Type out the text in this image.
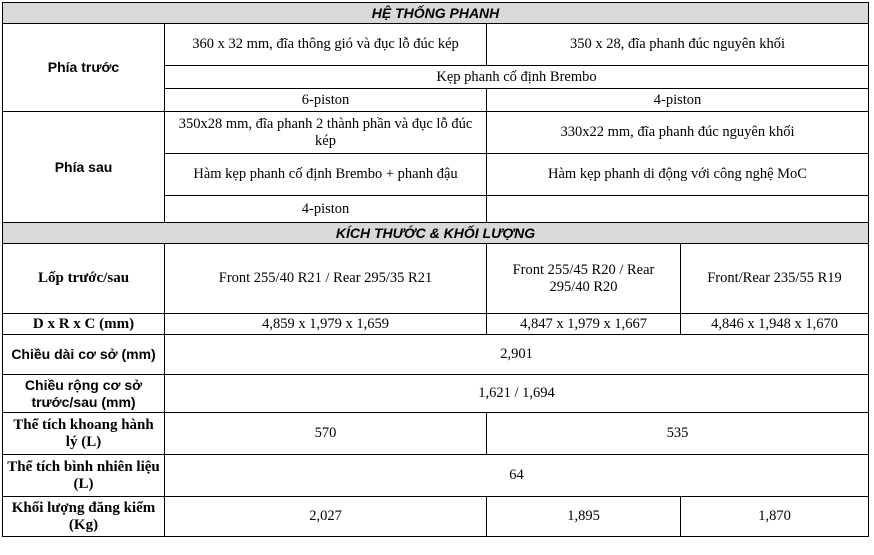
HỆ THỐNG PHANH			
Phía trước	360 x 32 mm, đĩa thông gió và đục lỗ đúc kép	350 x 28, đĩa phanh đúc nguyên khối	
	Kẹp phanh cố định Brembo		
	6-piston	4-piston	
Phía sau	350x28 mm, đĩa phanh 2 thành phần và đục lỗ đúc kép	330x22 mm, đĩa phanh đúc nguyên khối	
	Hàm kẹp phanh cố định Brembo + phanh đậu	Hàm kẹp phanh di động với công nghệ MoC	
	4-piston		
KÍCH THƯỚC & KHỐI LƯỢNG			
Lốp trước/sau	Front 255/40 R21 / Rear 295/35 R21	Front 255/45 R20 / Rear 295/40 R20	Front/Rear 235/55 R19
D x R x C (mm)	4,859 x 1,979 x 1,659	4,847 x 1,979 x 1,667	4,846 x 1,948 x 1,670
Chiều dài cơ sở (mm)	2,901		
Chiều rộng cơ sở trước/sau (mm)	1,621 / 1,694		
Thể tích khoang hành lý (L)	570	535	
Thể tích bình nhiên liệu (L)	64		
Khối lượng đăng kiểm (Kg)	2,027	1,895	1,870
